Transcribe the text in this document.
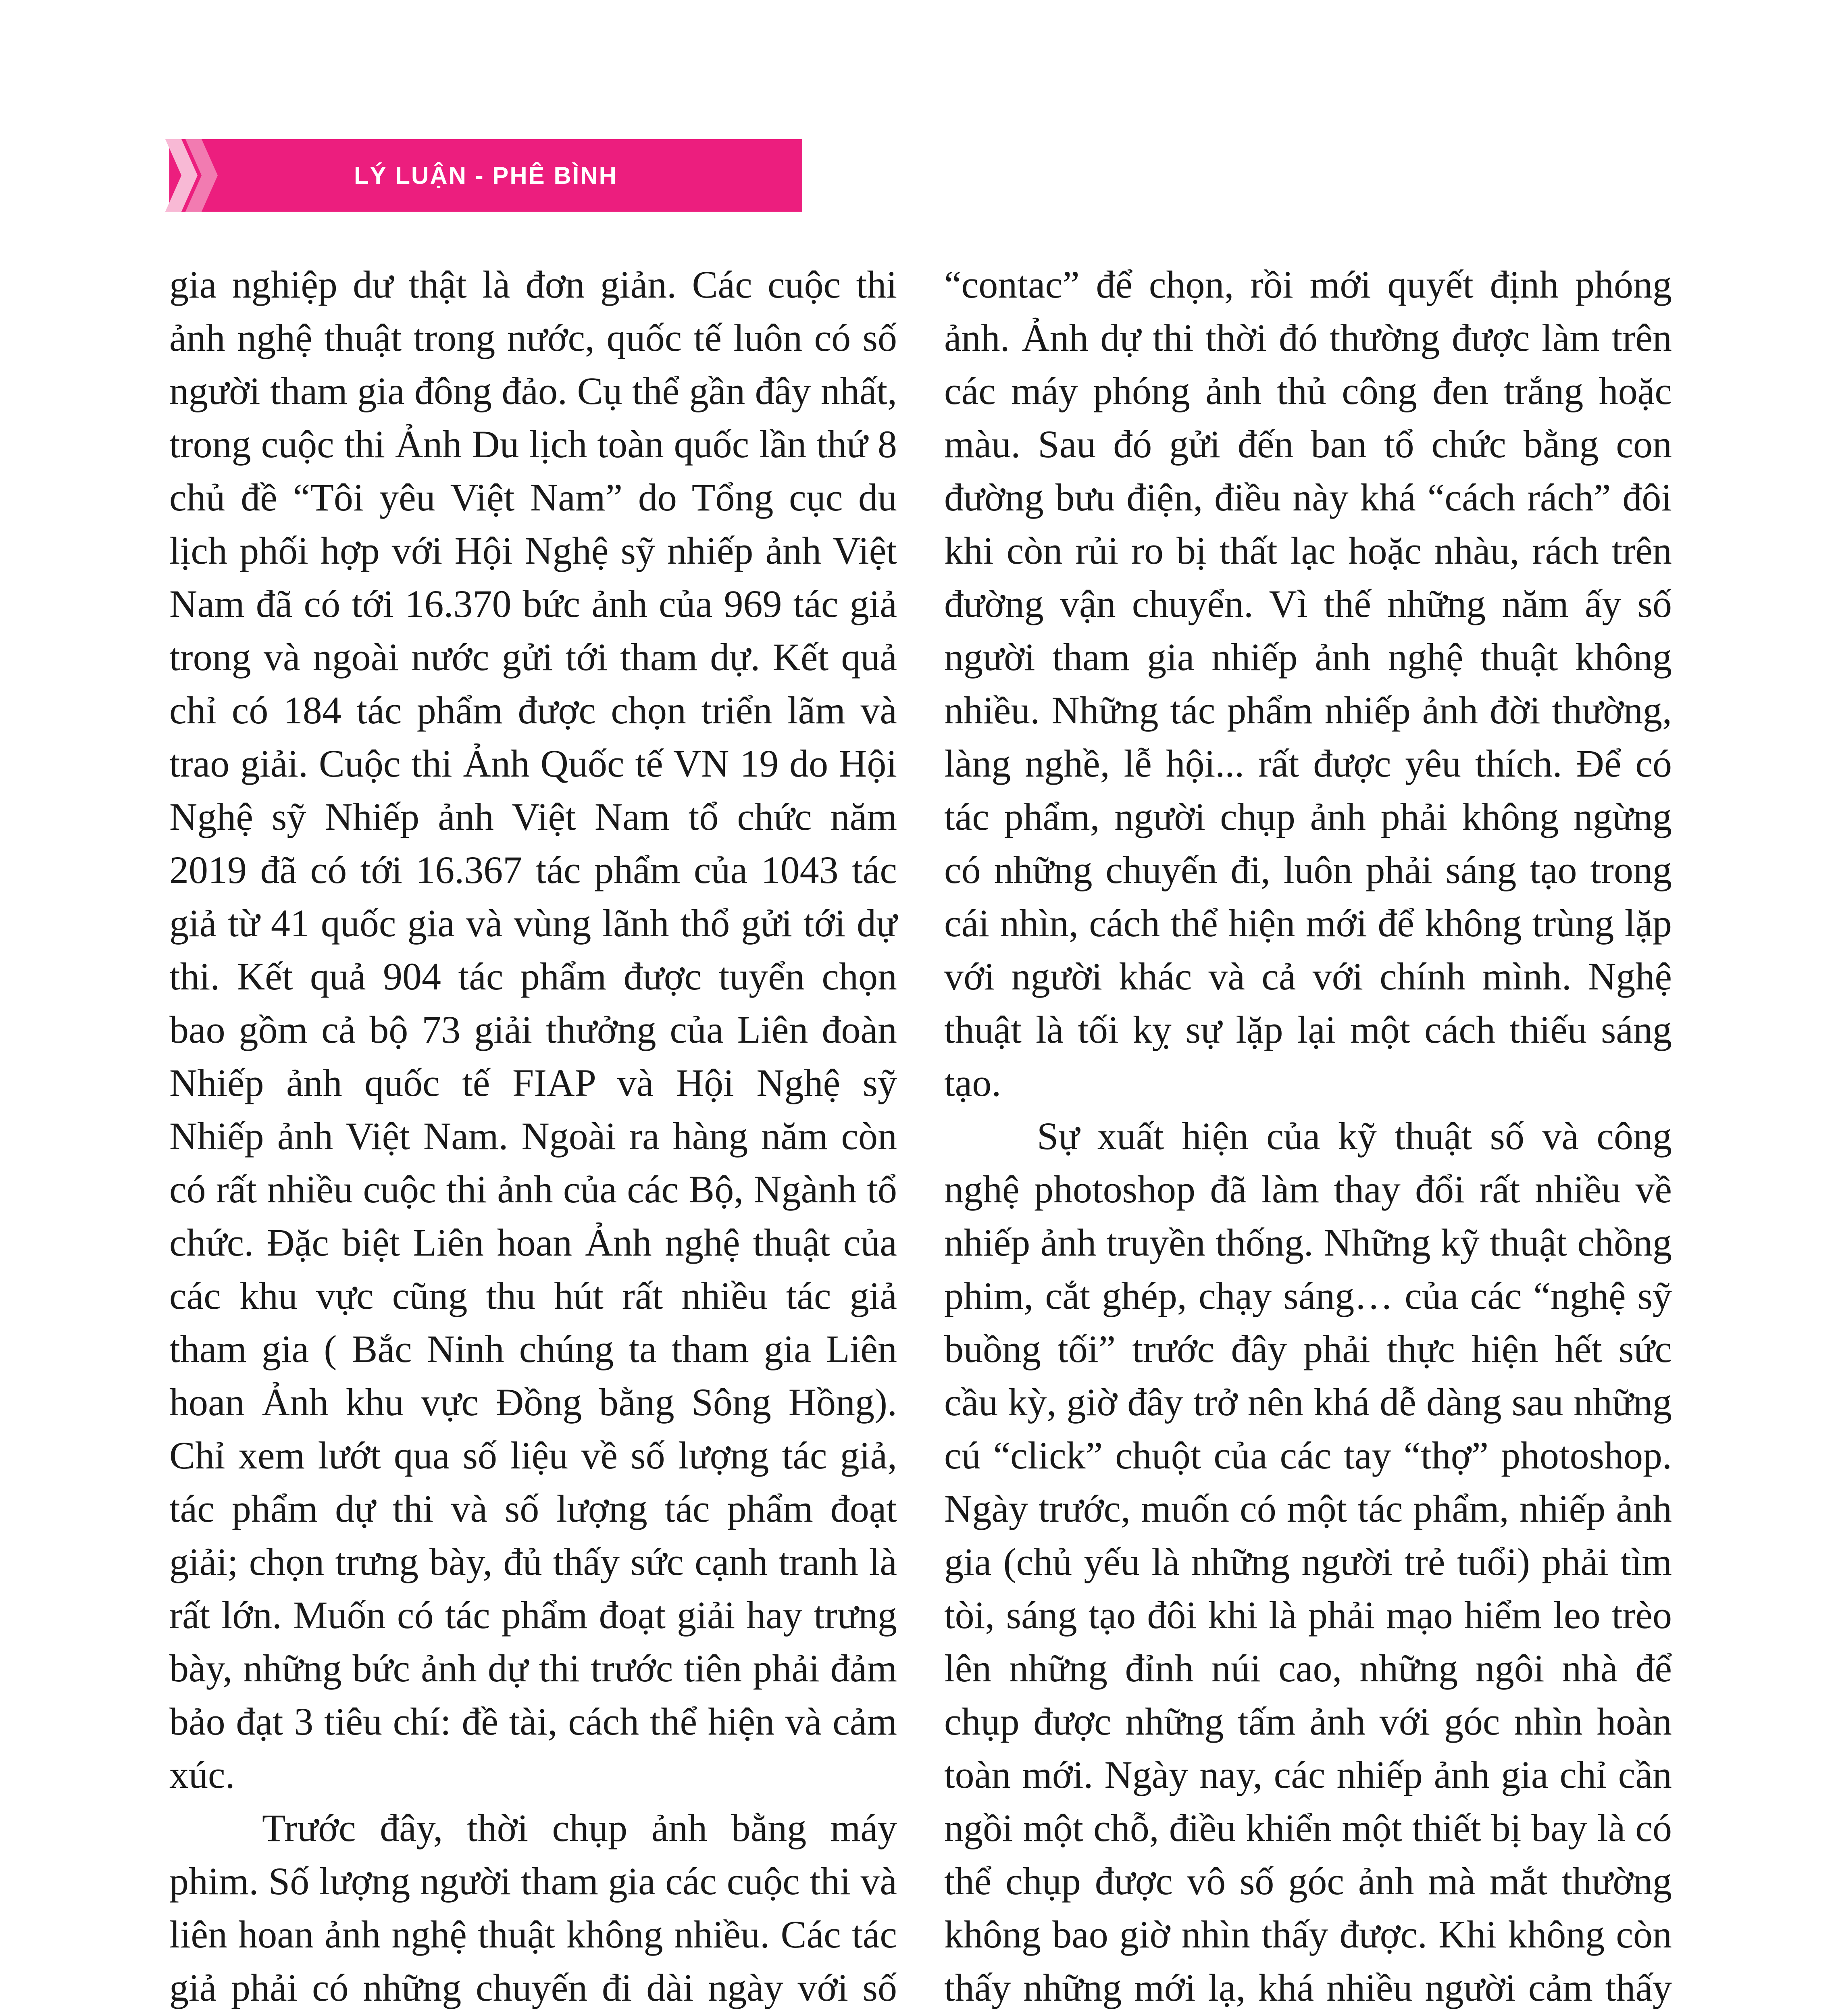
LÝ LUẬN - PHÊ BÌNH

gia nghiệp dư thật là đơn giản. Các cuộc thi ảnh nghệ thuật trong nước, quốc tế luôn có số người tham gia đông đảo. Cụ thể gần đây nhất, trong cuộc thi Ảnh Du lịch toàn quốc lần thứ 8 chủ đề “Tôi yêu Việt Nam” do Tổng cục du lịch phối hợp với Hội Nghệ sỹ nhiếp ảnh Việt Nam đã có tới 16.370 bức ảnh của 969 tác giả trong và ngoài nước gửi tới tham dự. Kết quả chỉ có 184 tác phẩm được chọn triển lãm và trao giải. Cuộc thi Ảnh Quốc tế VN 19 do Hội Nghệ sỹ Nhiếp ảnh Việt Nam tổ chức năm 2019 đã có tới 16.367 tác phẩm của 1043 tác giả từ 41 quốc gia và vùng lãnh thổ gửi tới dự thi. Kết quả 904 tác phẩm được tuyển chọn bao gồm cả bộ 73 giải thưởng của Liên đoàn Nhiếp ảnh quốc tế FIAP và Hội Nghệ sỹ Nhiếp ảnh Việt Nam. Ngoài ra hàng năm còn có rất nhiều cuộc thi ảnh của các Bộ, Ngành tổ chức. Đặc biệt Liên hoan Ảnh nghệ thuật của các khu vực cũng thu hút rất nhiều tác giả tham gia ( Bắc Ninh chúng ta tham gia Liên hoan Ảnh khu vực Đồng bằng Sông Hồng). Chỉ xem lướt qua số liệu về số lượng tác giả, tác phẩm dự thi và số lượng tác phẩm đoạt giải; chọn trưng bày, đủ thấy sức cạnh tranh là rất lớn. Muốn có tác phẩm đoạt giải hay trưng bày, những bức ảnh dự thi trước tiên phải đảm bảo đạt 3 tiêu chí: đề tài, cách thể hiện và cảm xúc.

Trước đây, thời chụp ảnh bằng máy phim. Số lượng người tham gia các cuộc thi và liên hoan ảnh nghệ thuật không nhiều. Các tác giả phải có những chuyến đi dài ngày với số

“contac” để chọn, rồi mới quyết định phóng ảnh. Ảnh dự thi thời đó thường được làm trên các máy phóng ảnh thủ công đen trắng hoặc màu. Sau đó gửi đến ban tổ chức bằng con đường bưu điện, điều này khá “cách rách” đôi khi còn rủi ro bị thất lạc hoặc nhàu, rách trên đường vận chuyển. Vì thế những năm ấy số người tham gia nhiếp ảnh nghệ thuật không nhiều. Những tác phẩm nhiếp ảnh đời thường, làng nghề, lễ hội... rất được yêu thích. Để có tác phẩm, người chụp ảnh phải không ngừng có những chuyến đi, luôn phải sáng tạo trong cái nhìn, cách thể hiện mới để không trùng lặp với người khác và cả với chính mình. Nghệ thuật là tối kỵ sự lặp lại một cách thiếu sáng tạo.

Sự xuất hiện của kỹ thuật số và công nghệ photoshop đã làm thay đổi rất nhiều về nhiếp ảnh truyền thống. Những kỹ thuật chồng phim, cắt ghép, chạy sáng… của các “nghệ sỹ buồng tối” trước đây phải thực hiện hết sức cầu kỳ, giờ đây trở nên khá dễ dàng sau những cú “click” chuột của các tay “thợ” photoshop. Ngày trước, muốn có một tác phẩm, nhiếp ảnh gia (chủ yếu là những người trẻ tuổi) phải tìm tòi, sáng tạo đôi khi là phải mạo hiểm leo trèo lên những đỉnh núi cao, những ngôi nhà để chụp được những tấm ảnh với góc nhìn hoàn toàn mới. Ngày nay, các nhiếp ảnh gia chỉ cần ngồi một chỗ, điều khiển một thiết bị bay là có thể chụp được vô số góc ảnh mà mắt thường không bao giờ nhìn thấy được. Khi không còn thấy những mới lạ, khá nhiều người cảm thấy
